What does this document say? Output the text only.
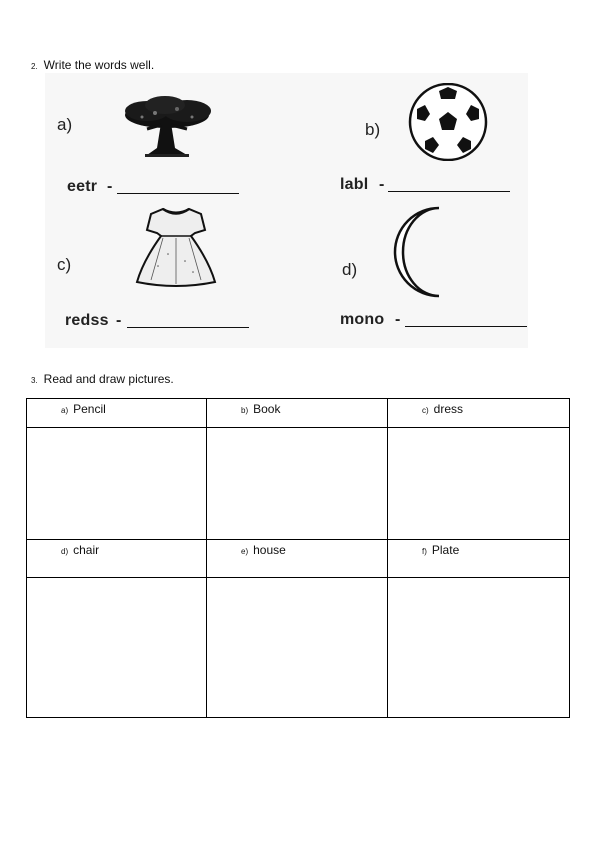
2. Write the words well.
a)
eetr -
b)
labl -
c)
redss -
d)
mono -
3. Read and draw pictures.
a) Pencil	b) Book	c) dress

d) chair	e) house	f) Plate
